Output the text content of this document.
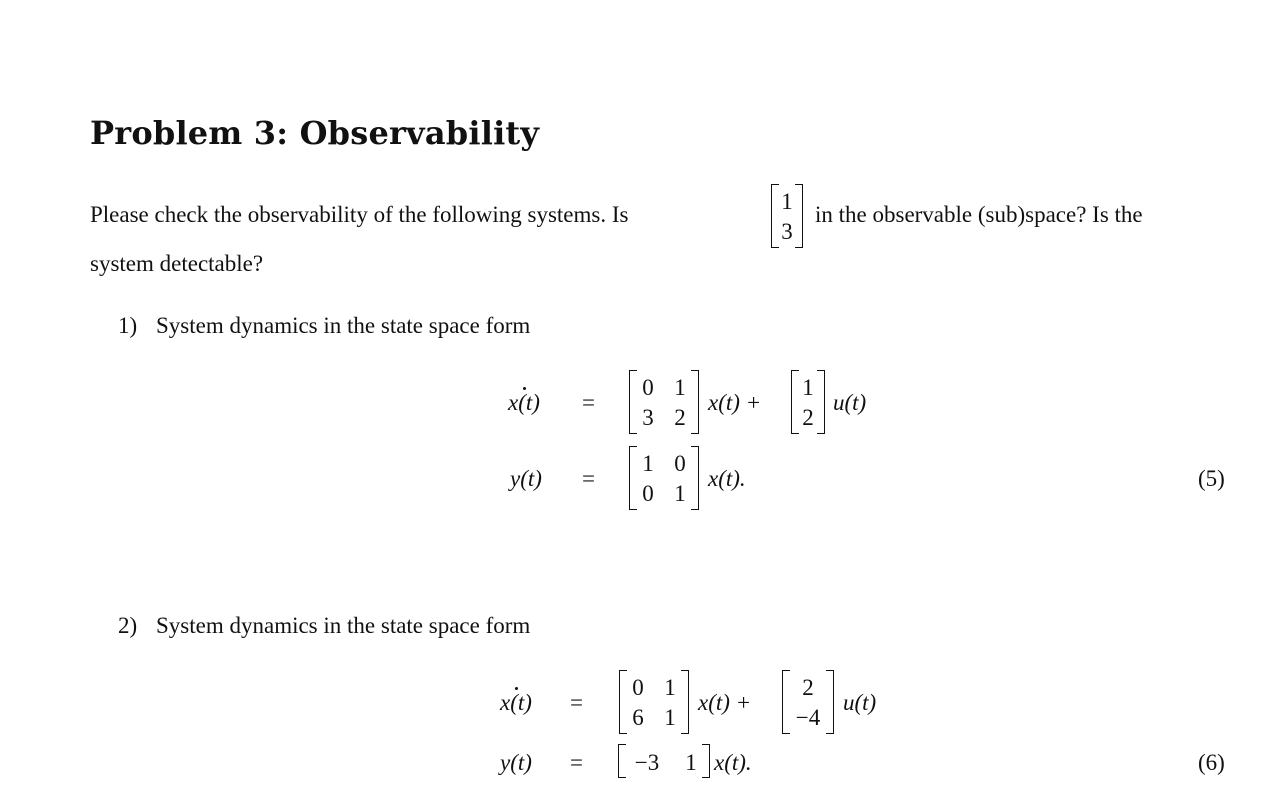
Problem 3: Observability
Please check the observability of the following systems. Is
1
3
in the observable (sub)space? Is the
system detectable?
1) System dynamics in the state space form
x(t) =
0 1
3 2
x(t) +
1
2
u(t)
y(t) =
1 0
0 1
x(t).	(5)
2) System dynamics in the state space form
x(t) =
0 1
6 1
x(t) +
2
−4
u(t)
y(t) =	−3	1 x(t).	(6)
